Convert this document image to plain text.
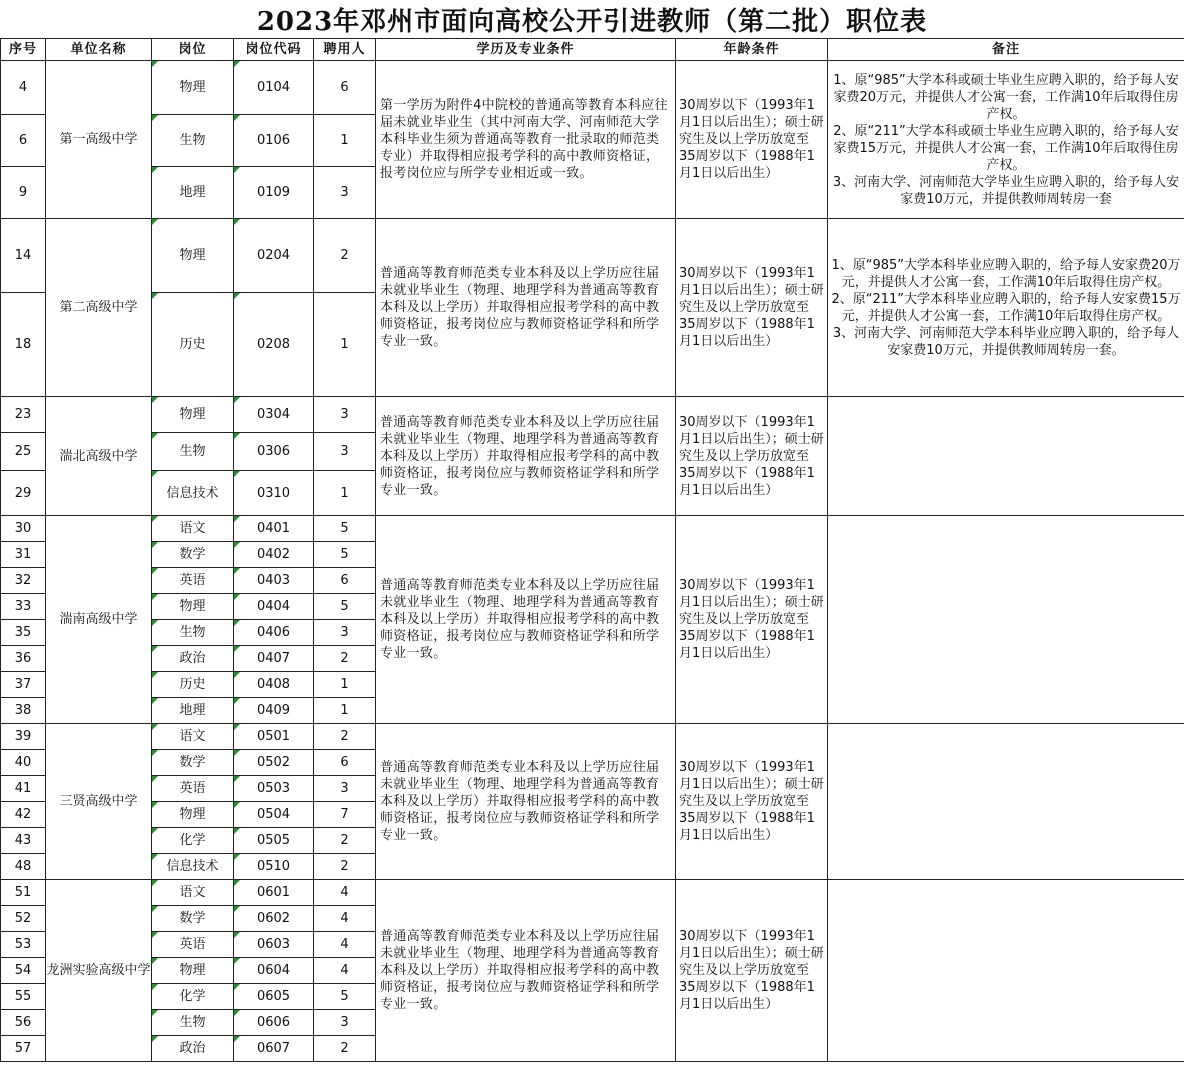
2023年邓州市面向高校公开引进教师（第二批）职位表
序号	单位名称	岗位	岗位代码	聘用人	学历及专业条件	年龄条件	备注
4	第一高级中学	物理	0104	6	第一学历为附件4中院校的普通高等教育本科应往届未就业毕业生（其中河南大学、河南师范大学本科毕业生须为普通高等教育一批录取的师范类专业）并取得相应报考学科的高中教师资格证，报考岗位应与所学专业相近或一致。	30周岁以下（1993年1月1日以后出生）；硕士研究生及以上学历放宽至35周岁以下（1988年1月1日以后出生）	1、原“985”大学本科或硕士毕业生应聘入职的，给予每人安家费20万元，并提供人才公寓一套，工作满10年后取得住房产权。
2、原“211”大学本科或硕士毕业生应聘入职的，给予每人安家费15万元，并提供人才公寓一套，工作满10年后取得住房产权。
3、河南大学、河南师范大学毕业生应聘入职的，给予每人安家费10万元，并提供教师周转房一套

6		生物	0106	1			
9		地理	0109	3			
14	第二高级中学	物理	0204	2	普通高等教育师范类专业本科及以上学历应往届未就业毕业生（物理、地理学科为普通高等教育本科及以上学历）并取得相应报考学科的高中教师资格证，报考岗位应与教师资格证学科和所学专业一致。	30周岁以下（1993年1月1日以后出生）；硕士研究生及以上学历放宽至35周岁以下（1988年1月1日以后出生）	1、原“985”大学本科毕业应聘入职的，给予每人安家费20万元，并提供人才公寓一套，工作满10年后取得住房产权。
2、原“211”大学本科毕业应聘入职的，给予每人安家费15万元，并提供人才公寓一套，工作满10年后取得住房产权。
3、河南大学、河南师范大学本科毕业应聘入职的，给予每人安家费10万元，并提供教师周转房一套。

18		历史	0208	1			
23	湍北高级中学	物理	0304	3	普通高等教育师范类专业本科及以上学历应往届未就业毕业生（物理、地理学科为普通高等教育本科及以上学历）并取得相应报考学科的高中教师资格证，报考岗位应与教师资格证学科和所学专业一致。	30周岁以下（1993年1月1日以后出生）；硕士研究生及以上学历放宽至35周岁以下（1988年1月1日以后出生）	

25		生物	0306	3			
29		信息技术	0310	1			
30	湍南高级中学	语文	0401	5	普通高等教育师范类专业本科及以上学历应往届未就业毕业生（物理、地理学科为普通高等教育本科及以上学历）并取得相应报考学科的高中教师资格证，报考岗位应与教师资格证学科和所学专业一致。	30周岁以下（1993年1月1日以后出生）；硕士研究生及以上学历放宽至35周岁以下（1988年1月1日以后出生）	

31		数学	0402	5			
32		英语	0403	6			
33		物理	0404	5			
35		生物	0406	3			
36		政治	0407	2			
37		历史	0408	1			
38		地理	0409	1			
39	三贤高级中学	语文	0501	2	普通高等教育师范类专业本科及以上学历应往届未就业毕业生（物理、地理学科为普通高等教育本科及以上学历）并取得相应报考学科的高中教师资格证，报考岗位应与教师资格证学科和所学专业一致。	30周岁以下（1993年1月1日以后出生）；硕士研究生及以上学历放宽至35周岁以下（1988年1月1日以后出生）	

40		数学	0502	6			
41		英语	0503	3			
42		物理	0504	7			
43		化学	0505	2			
48		信息技术	0510	2			
51	龙洲实验高级中学	语文	0601	4	普通高等教育师范类专业本科及以上学历应往届未就业毕业生（物理、地理学科为普通高等教育本科及以上学历）并取得相应报考学科的高中教师资格证，报考岗位应与教师资格证学科和所学专业一致。	30周岁以下（1993年1月1日以后出生）；硕士研究生及以上学历放宽至35周岁以下（1988年1月1日以后出生）	

52		数学	0602	4			
53		英语	0603	4			
54		物理	0604	4			
55		化学	0605	5			
56		生物	0606	3			
57		政治	0607	2			
